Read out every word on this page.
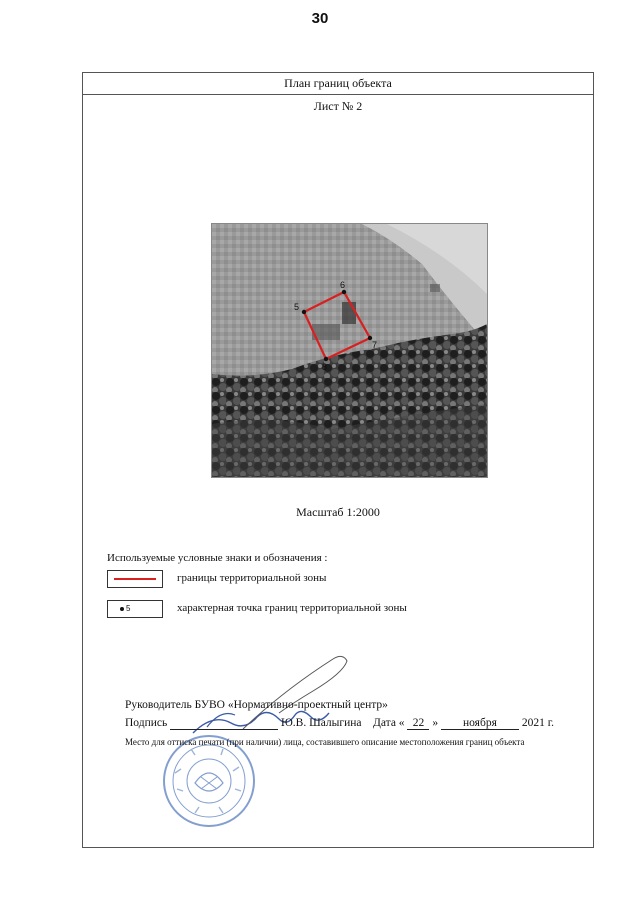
30
План границ объекта
Лист № 2
5
6
7
8
Масштаб 1:2000
Используемые условные знаки и обозначения :
границы территориальной зоны
5	характерная точка границ территориальной зоны
Руководитель БУВО «Нормативно-проектный центр»
Подпись	Ю.В. Шалыгина Дата « 22 » ноября 2021 г.
Место для оттиска печати (при наличии) лица, составившего описание местоположения границ объекта
